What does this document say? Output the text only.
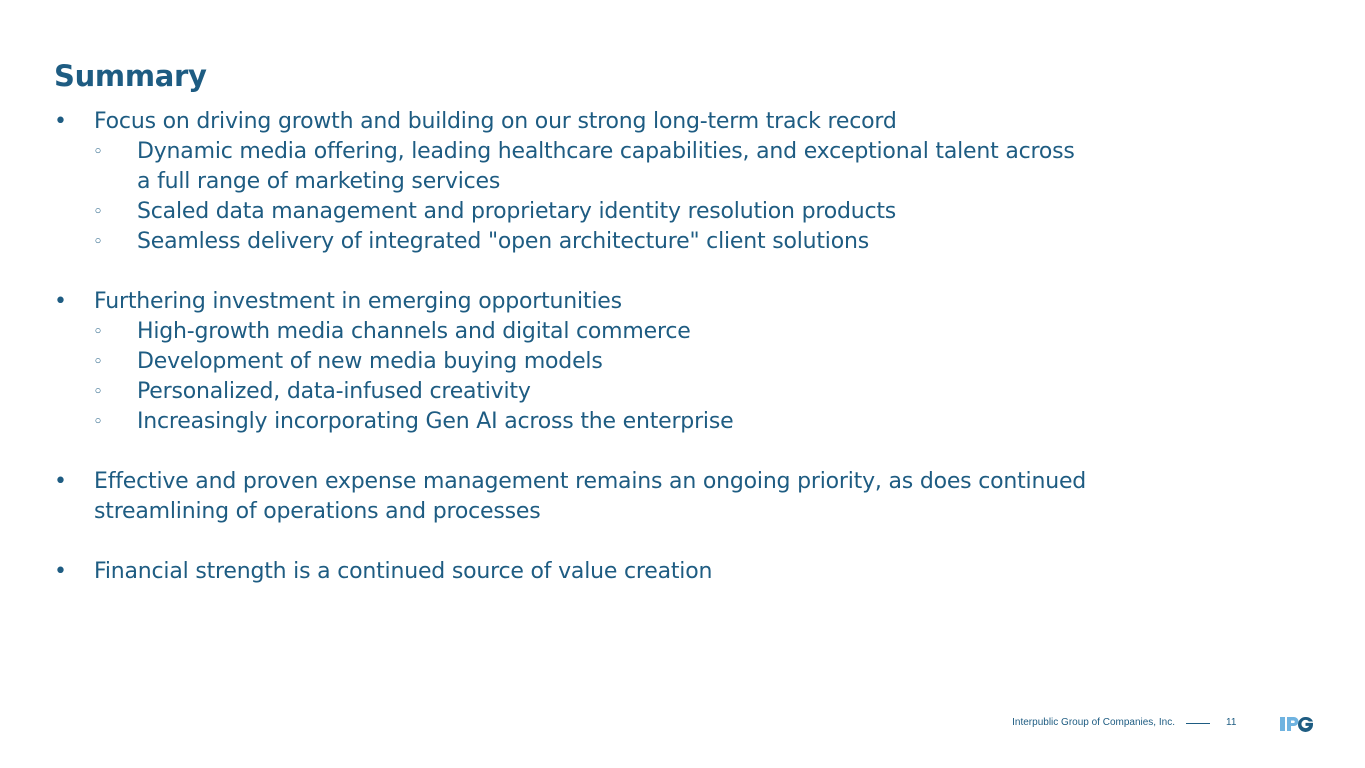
Summary
• Focus on driving growth and building on our strong long-term track record
◦ Dynamic media offering, leading healthcare capabilities, and exceptional talent across
a full range of marketing services
◦ Scaled data management and proprietary identity resolution products
◦ Seamless delivery of integrated "open architecture" client solutions
• Furthering investment in emerging opportunities
◦ High-growth media channels and digital commerce
◦ Development of new media buying models
◦ Personalized, data-infused creativity
◦ Increasingly incorporating Gen AI across the enterprise
• Effective and proven expense management remains an ongoing priority, as does continued
streamlining of operations and processes
• Financial strength is a continued source of value creation
Interpublic Group of Companies, Inc.	11
